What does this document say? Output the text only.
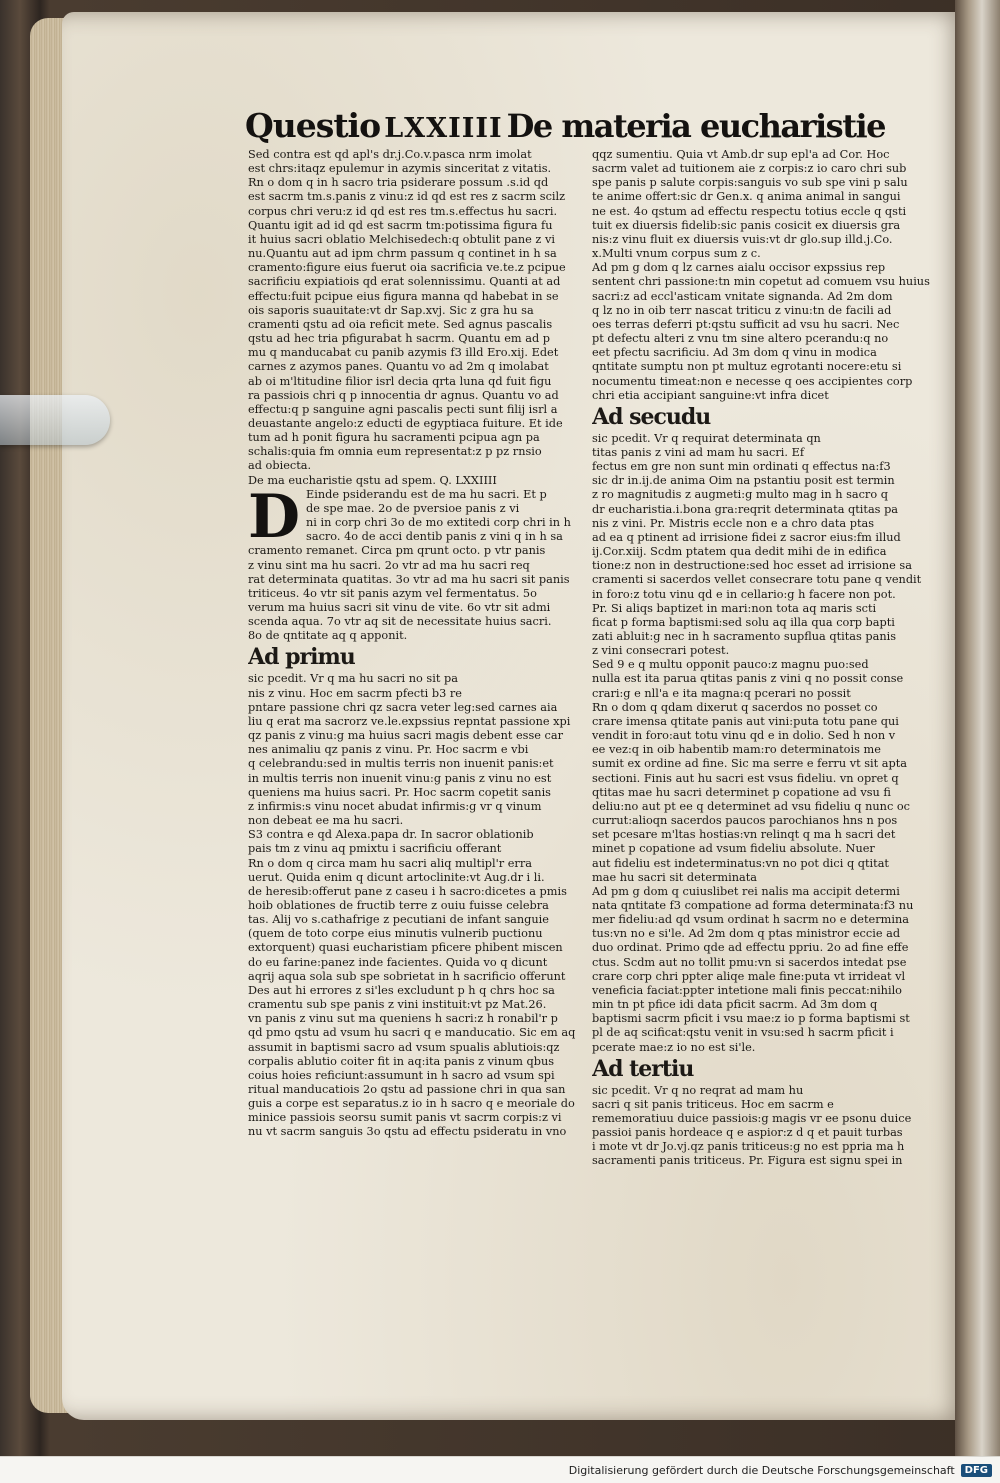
Questio LXXIIII De materia eucharistie
Sed contra est qd apl's dr.j.Co.v.pasca nrm imolat
est chrs:itaqz epulemur in azymis sinceritat z vitatis.
Rn o dom q in h sacro tria psiderare possum .s.id qd
est sacrm tm.s.panis z vinu:z id qd est res z sacrm scilz
corpus chri veru:z id qd est res tm.s.effectus hu sacri.
Quantu igit ad id qd est sacrm tm:potissima figura fu
it huius sacri oblatio Melchisedech:q obtulit pane z vi
nu.Quantu aut ad ipm chrm passum q continet in h sa
cramento:figure eius fuerut oia sacrificia ve.te.z pcipue
sacrificiu expiatiois qd erat solennissimu. Quanti at ad
effectu:fuit pcipue eius figura manna qd habebat in se
ois saporis suauitate:vt dr Sap.xvj. Sic z gra hu sa
cramenti qstu ad oia reficit mete. Sed agnus pascalis
qstu ad hec tria pfigurabat h sacrm. Quantu em ad p
mu q manducabat cu panib azymis f3 illd Ero.xij. Edet
carnes z azymos panes. Quantu vo ad 2m q imolabat
ab oi m'ltitudine filior isrl decia qrta luna qd fuit figu
ra passiois chri q p innocentia dr agnus. Quantu vo ad
effectu:q p sanguine agni pascalis pecti sunt filij isrl a
deuastante angelo:z educti de egyptiaca fuiture. Et ide
tum ad h ponit figura hu sacramenti pcipua agn pa
schalis:quia fm omnia eum representat:z p pz rnsio
ad obiecta.
De ma eucharistie qstu ad spem. Q. LXXIIII
D Einde psiderandu est de ma hu sacri. Et p
de spe mae. 2o de pversioe panis z vi
ni in corp chri 3o de mo extitedi corp chri in h
sacro. 4o de acci dentib panis z vini q in h sa
cramento remanet. Circa pm qrunt octo. p vtr panis
z vinu sint ma hu sacri. 2o vtr ad ma hu sacri req
rat determinata quatitas. 3o vtr ad ma hu sacri sit panis
triticeus. 4o vtr sit panis azym vel fermentatus. 5o
verum ma huius sacri sit vinu de vite. 6o vtr sit admi
scenda aqua. 7o vtr aq sit de necessitate huius sacri.
8o de qntitate aq q apponit.
Ad primu
sic pcedit. Vr q ma hu sacri no sit pa
nis z vinu. Hoc em sacrm pfecti b3 re
pntare passione chri qz sacra veter leg:sed carnes aia
liu q erat ma sacrorz ve.le.expssius repntat passione xpi
qz panis z vinu:g ma huius sacri magis debent esse car
nes animaliu qz panis z vinu. Pr. Hoc sacrm e vbi
q celebrandu:sed in multis terris non inuenit panis:et
in multis terris non inuenit vinu:g panis z vinu no est
queniens ma huius sacri. Pr. Hoc sacrm copetit sanis
z infirmis:s vinu nocet abudat infirmis:g vr q vinum
non debeat ee ma hu sacri.
S3 contra e qd Alexa.papa dr. In sacror oblationib
pais tm z vinu aq pmixtu i sacrificiu offerant
Rn o dom q circa mam hu sacri aliq multipl'r erra
uerut. Quida enim q dicunt artoclinite:vt Aug.dr i li.
de heresib:offerut pane z caseu i h sacro:dicetes a pmis
hoib oblationes de fructib terre z ouiu fuisse celebra
tas. Alij vo s.cathafrige z pecutiani de infant sanguie
(quem de toto corpe eius minutis vulnerib puctionu
extorquent) quasi eucharistiam pficere phibent miscen
do eu farine:panez inde facientes. Quida vo q dicunt
aqrij aqua sola sub spe sobrietat in h sacrificio offerunt
Des aut hi errores z si'les excludunt p h q chrs hoc sa
cramentu sub spe panis z vini instituit:vt pz Mat.26.
vn panis z vinu sut ma queniens h sacri:z h ronabil'r p
qd pmo qstu ad vsum hu sacri q e manducatio. Sic em aq
assumit in baptismi sacro ad vsum spualis ablutiois:qz
corpalis ablutio coiter fit in aq:ita panis z vinum qbus
coius hoies reficiunt:assumunt in h sacro ad vsum spi
ritual manducatiois 2o qstu ad passione chri in qua san
guis a corpe est separatus.z io in h sacro q e meoriale do
minice passiois seorsu sumit panis vt sacrm corpis:z vi
nu vt sacrm sanguis 3o qstu ad effectu psideratu in vno
qqz sumentiu. Quia vt Amb.dr sup epl'a ad Cor. Hoc
sacrm valet ad tuitionem aie z corpis:z io caro chri sub
spe panis p salute corpis:sanguis vo sub spe vini p salu
te anime offert:sic dr Gen.x. q anima animal in sangui
ne est. 4o qstum ad effectu respectu totius eccle q qsti
tuit ex diuersis fidelib:sic panis cosicit ex diuersis gra
nis:z vinu fluit ex diuersis vuis:vt dr glo.sup illd.j.Co.
x.Multi vnum corpus sum z c.
Ad pm g dom q lz carnes aialu occisor expssius rep
sentent chri passione:tn min copetut ad comuem vsu huius
sacri:z ad eccl'asticam vnitate signanda. Ad 2m dom
q lz no in oib terr nascat triticu z vinu:tn de facili ad
oes terras deferri pt:qstu sufficit ad vsu hu sacri. Nec
pt defectu alteri z vnu tm sine altero pcerandu:q no
eet pfectu sacrificiu. Ad 3m dom q vinu in modica
qntitate sumptu non pt multuz egrotanti nocere:etu si
nocumentu timeat:non e necesse q oes accipientes corp
chri etia accipiant sanguine:vt infra dicet
Ad secudu
sic pcedit. Vr q requirat determinata qn
titas panis z vini ad mam hu sacri. Ef
fectus em gre non sunt min ordinati q effectus na:f3
sic dr in.ij.de anima Oim na pstantiu posit est termin
z ro magnitudis z augmeti:g multo mag in h sacro q
dr eucharistia.i.bona gra:reqrit determinata qtitas pa
nis z vini. Pr. Mistris eccle non e a chro data ptas
ad ea q ptinent ad irrisione fidei z sacror eius:fm illud
ij.Cor.xiij. Scdm ptatem qua dedit mihi de in edifica
tione:z non in destructione:sed hoc esset ad irrisione sa
cramenti si sacerdos vellet consecrare totu pane q vendit
in foro:z totu vinu qd e in cellario:g h facere non pot.
Pr. Si aliqs baptizet in mari:non tota aq maris scti
ficat p forma baptismi:sed solu aq illa qua corp bapti
zati abluit:g nec in h sacramento supflua qtitas panis
z vini consecrari potest.
Sed 9 e q multu opponit pauco:z magnu puo:sed
nulla est ita parua qtitas panis z vini q no possit conse
crari:g e nll'a e ita magna:q pcerari no possit
Rn o dom q qdam dixerut q sacerdos no posset co
crare imensa qtitate panis aut vini:puta totu pane qui
vendit in foro:aut totu vinu qd e in dolio. Sed h non v
ee vez:q in oib habentib mam:ro determinatois me
sumit ex ordine ad fine. Sic ma serre e ferru vt sit apta
sectioni. Finis aut hu sacri est vsus fideliu. vn opret q
qtitas mae hu sacri determinet p copatione ad vsu fi
deliu:no aut pt ee q determinet ad vsu fideliu q nunc oc
currut:alioqn sacerdos paucos parochianos hns n pos
set pcesare m'ltas hostias:vn relinqt q ma h sacri det
minet p copatione ad vsum fideliu absolute. Nuer
aut fideliu est indeterminatus:vn no pot dici q qtitat
mae hu sacri sit determinata
Ad pm g dom q cuiuslibet rei nalis ma accipit determi
nata qntitate f3 compatione ad forma determinata:f3 nu
mer fideliu:ad qd vsum ordinat h sacrm no e determina
tus:vn no e si'le. Ad 2m dom q ptas ministror eccie ad
duo ordinat. Primo qde ad effectu ppriu. 2o ad fine effe
ctus. Scdm aut no tollit pmu:vn si sacerdos intedat pse
crare corp chri ppter aliqe male fine:puta vt irrideat vl
veneficia faciat:ppter intetione mali finis peccat:nihilo
min tn pt pfice idi data pficit sacrm. Ad 3m dom q
baptismi sacrm pficit i vsu mae:z io p forma baptismi st
pl de aq scificat:qstu venit in vsu:sed h sacrm pficit i
pcerate mae:z io no est si'le.
Ad tertiu
sic pcedit. Vr q no reqrat ad mam hu
sacri q sit panis triticeus. Hoc em sacrm e
rememoratiuu duice passiois:g magis vr ee psonu duice
passioi panis hordeace q e aspior:z d q et pauit turbas
i mote vt dr Jo.vj.qz panis triticeus:g no est ppria ma h
sacramenti panis triticeus. Pr. Figura est signu spei in
Digitalisierung gefördert durch die Deutsche Forschungsgemeinschaft	DFG
